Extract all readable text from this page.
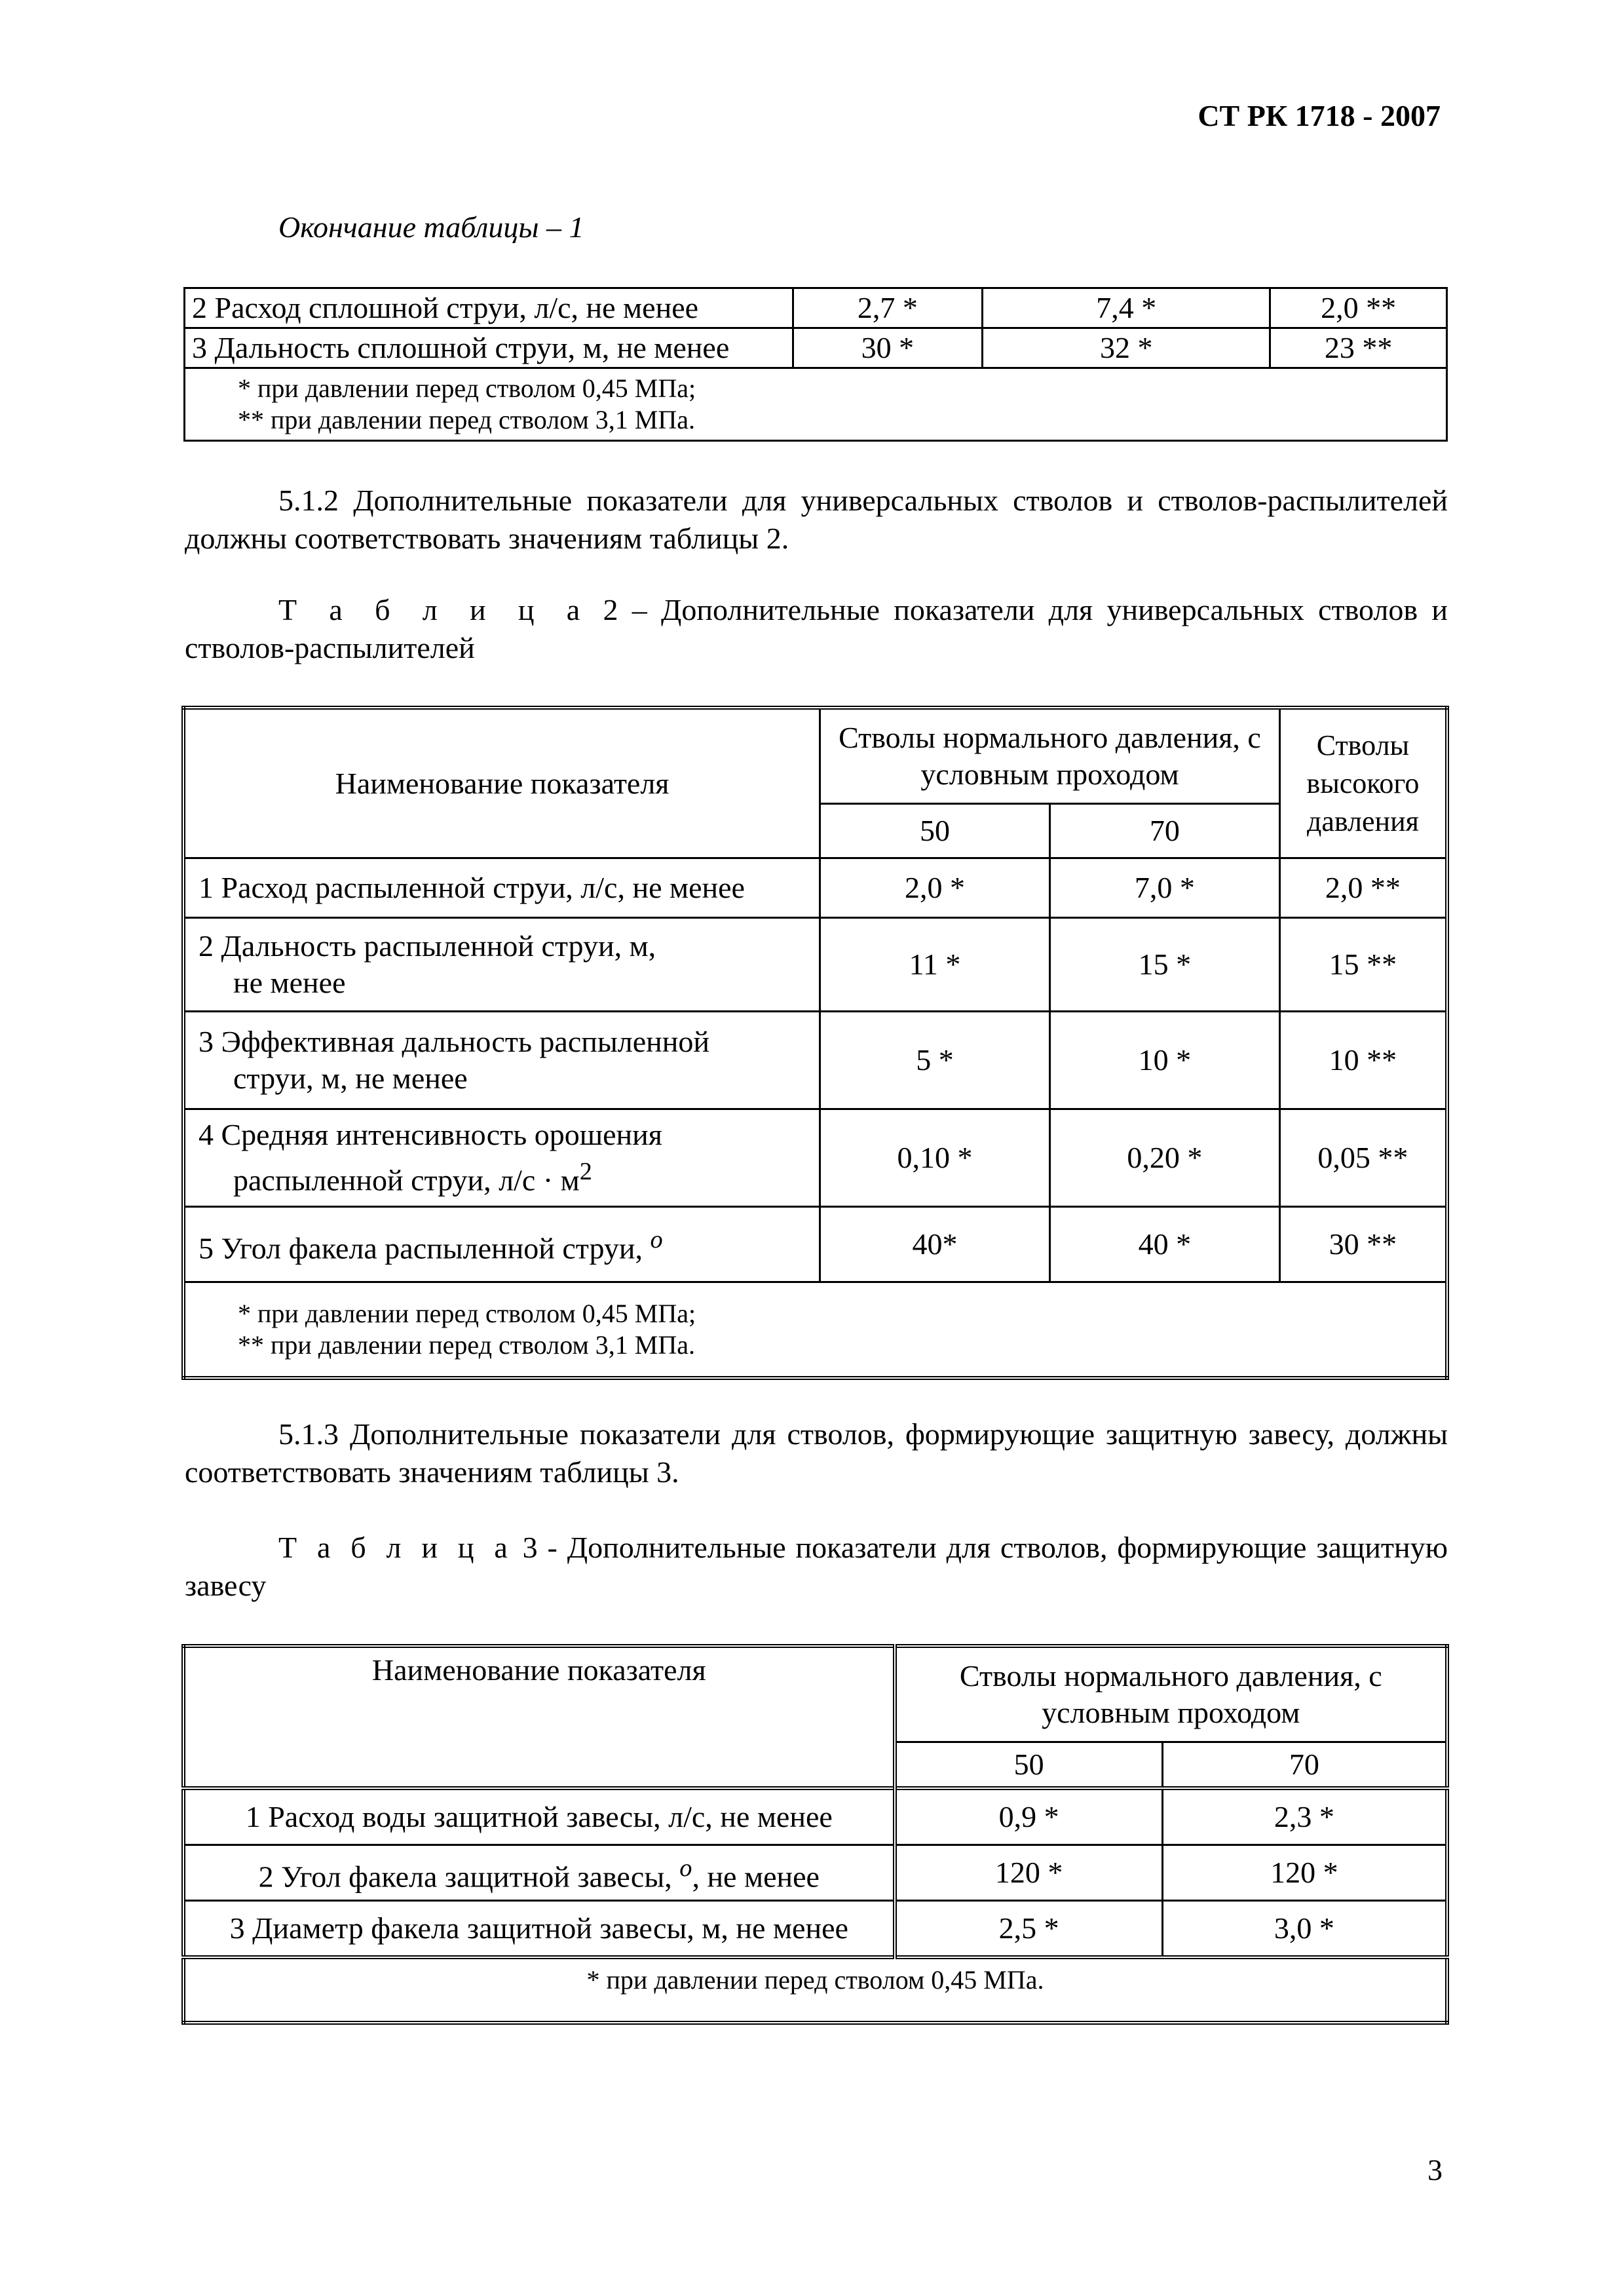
СТ РК 1718 - 2007
Окончание таблицы – 1
2 Расход сплошной струи, л/с, не менее	2,7 *	7,4 *	2,0 **
3 Дальность сплошной струи, м, не менее	30 *	32 *	23 **

* при давлении перед стволом 0,45 МПа;
** при давлении перед стволом 3,1 МПа.			

5.1.2 Дополнительные показатели для универсальных стволов и стволов-распылителей должны соответствовать значениям таблицы 2.

Т а б л и ц а 2 – Дополнительные показатели для универсальных стволов и стволов-распылителей

Наименование показателя	Стволы нормального давления, с условным проходом		Стволы высокого давления
	50	70	
1 Расход распыленной струи, л/с, не менее	2,0 *	7,0 *	2,0 **
2 Дальность распыленной струи, м,
не менее	11 *	15 *	15 **
3 Эффективная дальность распыленной
струи, м, не менее	5 *	10 *	10 **
4 Средняя интенсивность орошения
распыленной струи, $л/с \cdot м^2$	0,10 *	0,20 *	0,05 **
5 Угол факела распыленной струи, $^о$	40*	40 *	30 **

* при давлении перед стволом 0,45 МПа;
** при давлении перед стволом 3,1 МПа.			

5.1.3 Дополнительные показатели для стволов, формирующие защитную завесу, должны соответствовать значениям таблицы 3.

Т а б л и ц а 3 - Дополнительные показатели для стволов, формирующие защитную завесу

Наименование показателя	Стволы нормального давления, с условным проходом	
	50	70
1 Расход воды защитной завесы, л/с, не менее	0,9 *	2,3 *
2 Угол факела защитной завесы, $^о$, не менее	120 *	120 *
3 Диаметр факела защитной завесы, м, не менее	2,5 *	3,0 *
* при давлении перед стволом 0,45 МПа.		
3
